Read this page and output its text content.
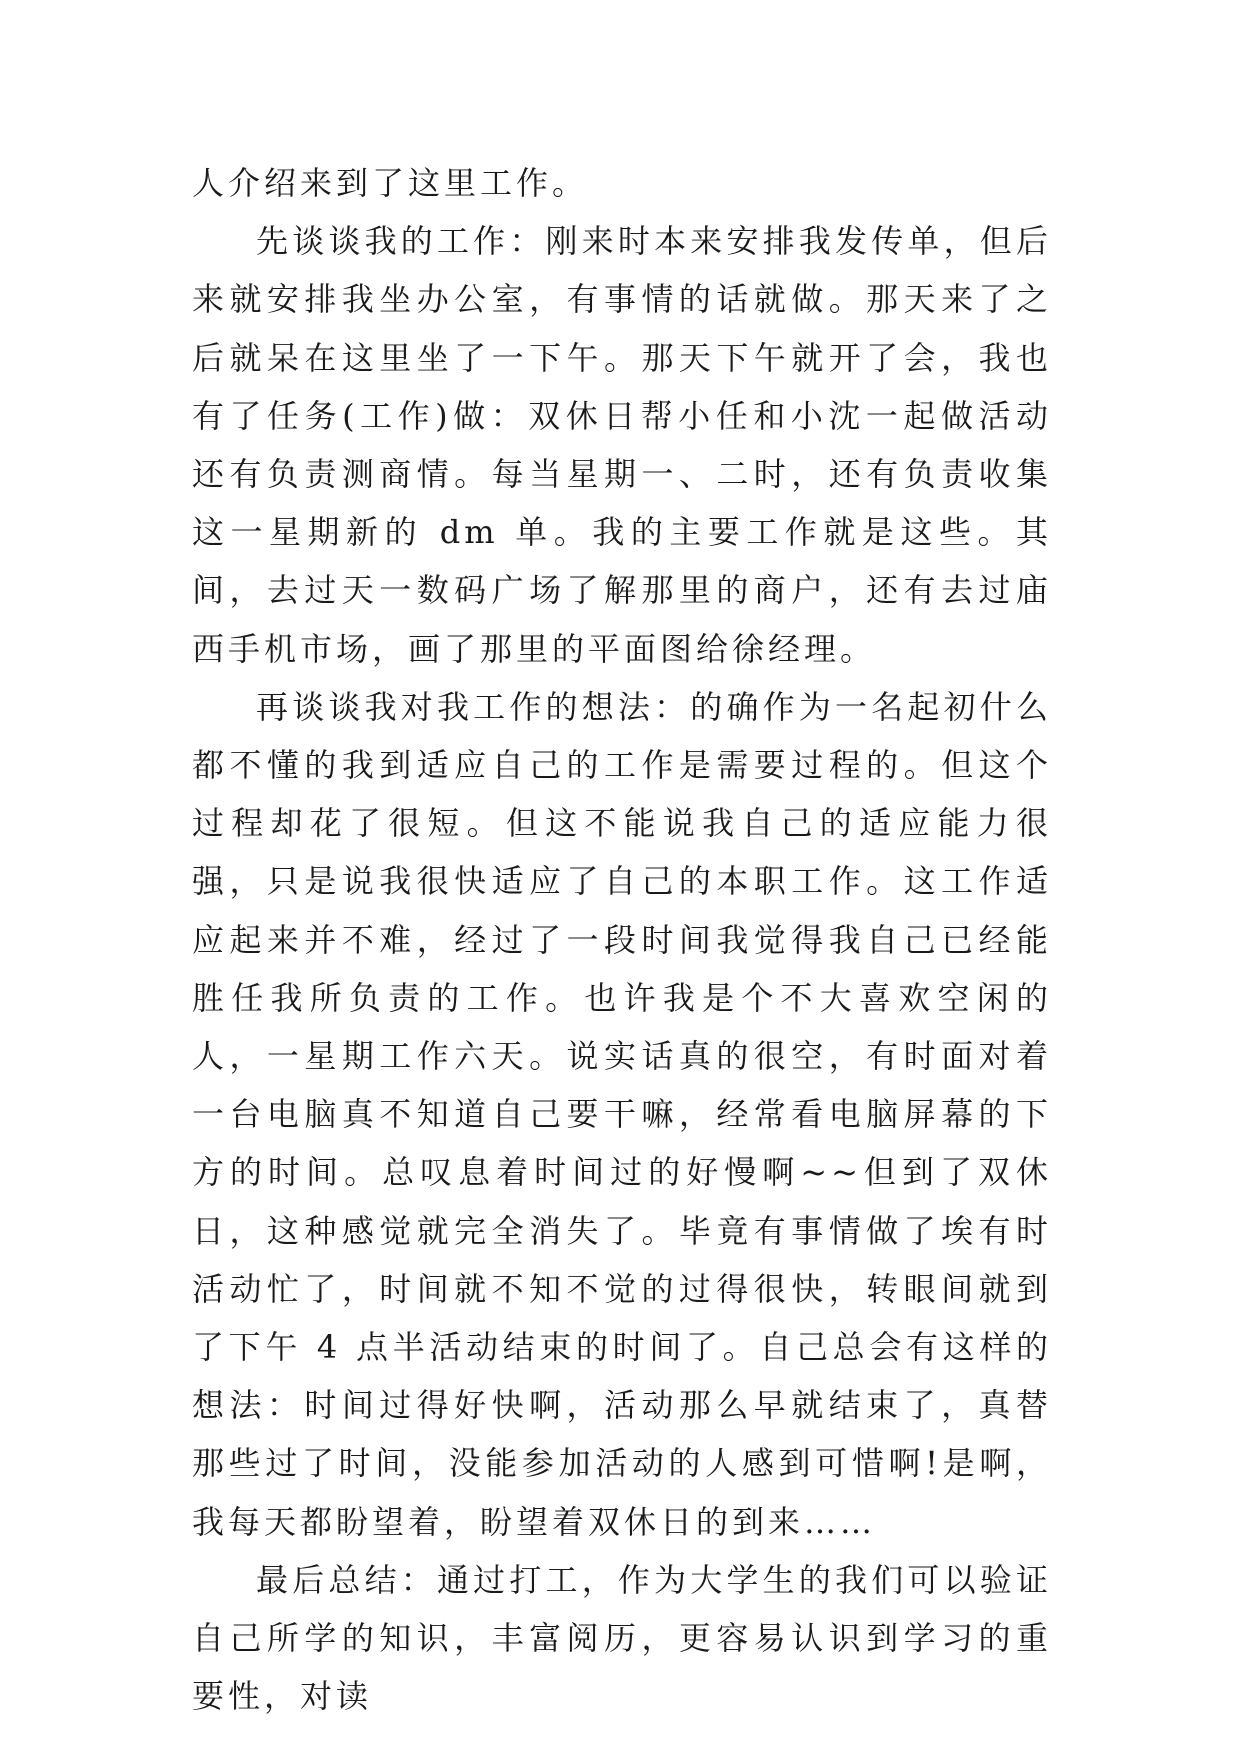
人介绍来到了这里工作。

先谈谈我的工作：刚来时本来安排我发传单，但后来就安排我坐办公室，有事情的话就做。那天来了之后就呆在这里坐了一下午。那天下午就开了会，我也有了任务(工作)做：双休日帮小任和小沈一起做活动还有负责测商情。每当星期一、二时，还有负责收集这一星期新的 dm 单。我的主要工作就是这些。其间，去过天一数码广场了解那里的商户，还有去过庙西手机市场，画了那里的平面图给徐经理。

再谈谈我对我工作的想法：的确作为一名起初什么都不懂的我到适应自己的工作是需要过程的。但这个过程却花了很短。但这不能说我自己的适应能力很强，只是说我很快适应了自己的本职工作。这工作适应起来并不难，经过了一段时间我觉得我自己已经能胜任我所负责的工作。也许我是个不大喜欢空闲的人，一星期工作六天。说实话真的很空，有时面对着一台电脑真不知道自己要干嘛，经常看电脑屏幕的下方的时间。总叹息着时间过的好慢啊~~但到了双休日，这种感觉就完全消失了。毕竟有事情做了埃有时活动忙了，时间就不知不觉的过得很快，转眼间就到了下午 4 点半活动结束的时间了。自己总会有这样的想法：时间过得好快啊，活动那么早就结束了，真替那些过了时间，没能参加活动的人感到可惜啊!是啊，我每天都盼望着，盼望着双休日的到来……

最后总结：通过打工，作为大学生的我们可以验证自己所学的知识，丰富阅历，更容易认识到学习的重要性，对读
